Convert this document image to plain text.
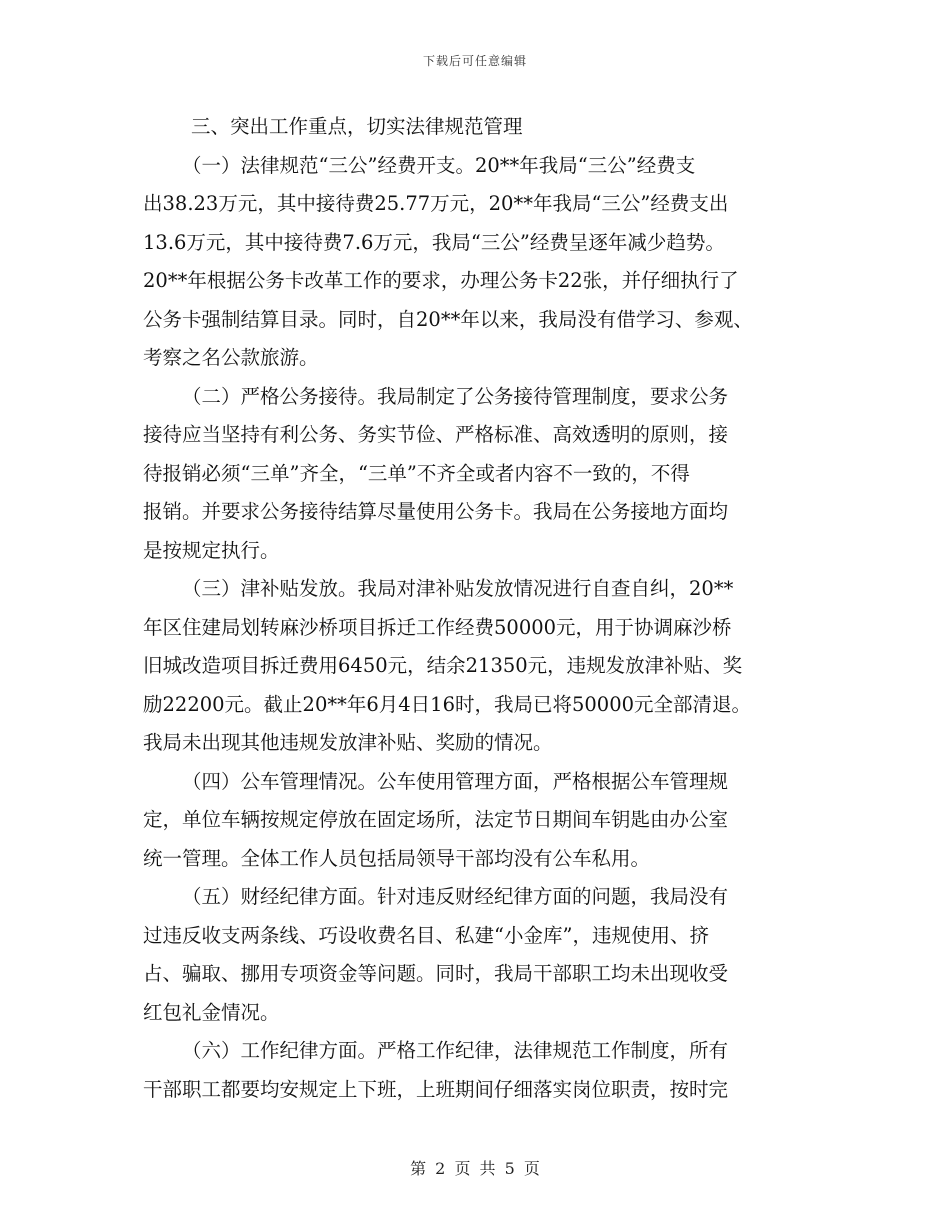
下载后可任意编辑
三、突出工作重点，切实法律规范管理
（一）法律规范“三公”经费开支。20**年我局“三公”经费支
出38.23万元，其中接待费25.77万元，20**年我局“三公”经费支出
13.6万元，其中接待费7.6万元，我局“三公”经费呈逐年减少趋势。
20**年根据公务卡改革工作的要求，办理公务卡22张，并仔细执行了
公务卡强制结算目录。同时，自20**年以来，我局没有借学习、参观、
考察之名公款旅游。
（二）严格公务接待。我局制定了公务接待管理制度，要求公务
接待应当坚持有利公务、务实节俭、严格标准、高效透明的原则，接
待报销必须“三单”齐全，“三单”不齐全或者内容不一致的，不得
报销。并要求公务接待结算尽量使用公务卡。我局在公务接地方面均
是按规定执行。
（三）津补贴发放。我局对津补贴发放情况进行自查自纠，20**
年区住建局划转麻沙桥项目拆迁工作经费50000元，用于协调麻沙桥
旧城改造项目拆迁费用6450元，结余21350元，违规发放津补贴、奖
励22200元。截止20**年6月4日16时，我局已将50000元全部清退。
我局未出现其他违规发放津补贴、奖励的情况。
（四）公车管理情况。公车使用管理方面，严格根据公车管理规
定，单位车辆按规定停放在固定场所，法定节日期间车钥匙由办公室
统一管理。全体工作人员包括局领导干部均没有公车私用。
（五）财经纪律方面。针对违反财经纪律方面的问题，我局没有
过违反收支两条线、巧设收费名目、私建“小金库”，违规使用、挤
占、骗取、挪用专项资金等问题。同时，我局干部职工均未出现收受
红包礼金情况。
（六）工作纪律方面。严格工作纪律，法律规范工作制度，所有
干部职工都要均安规定上下班，上班期间仔细落实岗位职责，按时完
第 2 页 共 5 页
